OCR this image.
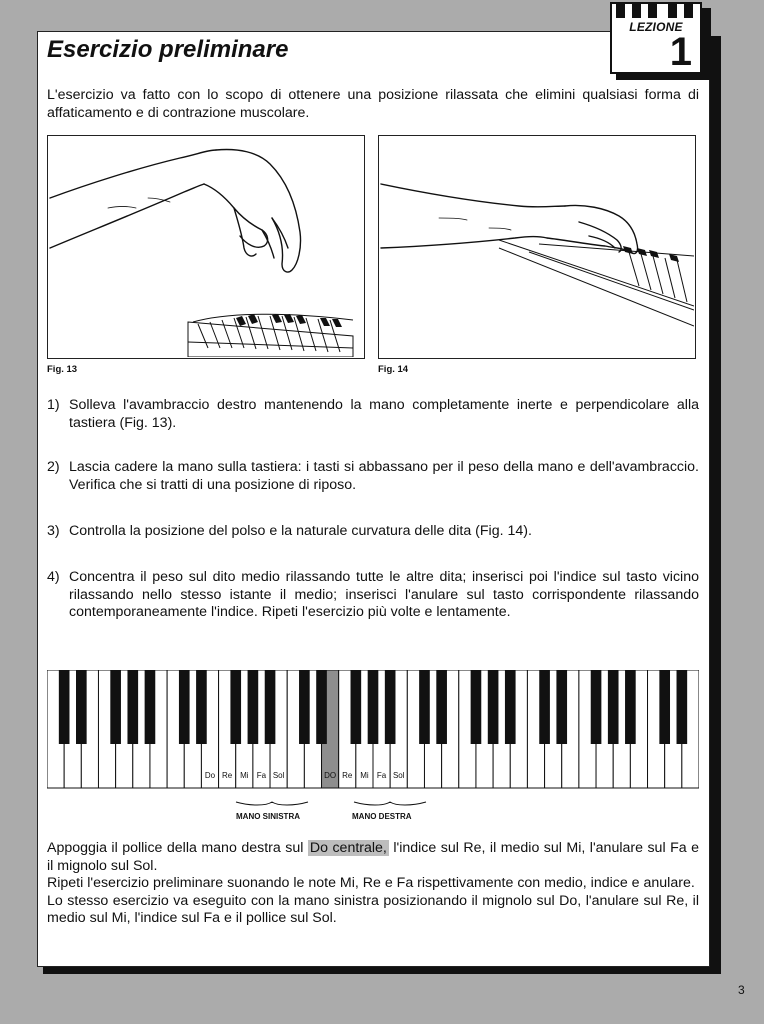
LEZIONE
1
Esercizio preliminare

L'esercizio va fatto con lo scopo di ottenere una posizione rilassata che elimini qualsiasi forma di affaticamento e di contrazione muscolare.

Fig. 13	Fig. 14
1) Solleva l'avambraccio destro mantenendo la mano completamente inerte e perpendicolare alla tastiera (Fig. 13).
2) Lascia cadere la mano sulla tastiera: i tasti si abbassano per il peso della mano e dell'avambraccio. Verifica che si tratti di una posizione di riposo.
3) Controlla la posizione del polso e la naturale curvatura delle dita (Fig. 14).
4) Concentra il peso sul dito medio rilassando tutte le altre dita; inserisci poi l'indice sul tasto vicino rilassando nello stesso istante il medio; inserisci l'anulare sul tasto corrispondente rilassando contemporaneamente l'indice. Ripeti l'esercizio più volte e lentamente.
Do Re Mi Fa Sol	DO Re Mi Fa Sol
MANO SINISTRA	MANO DESTRA

Appoggia il pollice della mano destra sul Do centrale, l'indice sul Re, il medio sul Mi, l'anulare sul Fa e il mignolo sul Sol.

Ripeti l'esercizio preliminare suonando le note Mi, Re e Fa rispettivamente con medio, indice e anulare.

Lo stesso esercizio va eseguito con la mano sinistra posizionando il mignolo sul Do, l'anulare sul Re, il medio sul Mi, l'indice sul Fa e il pollice sul Sol.

3
